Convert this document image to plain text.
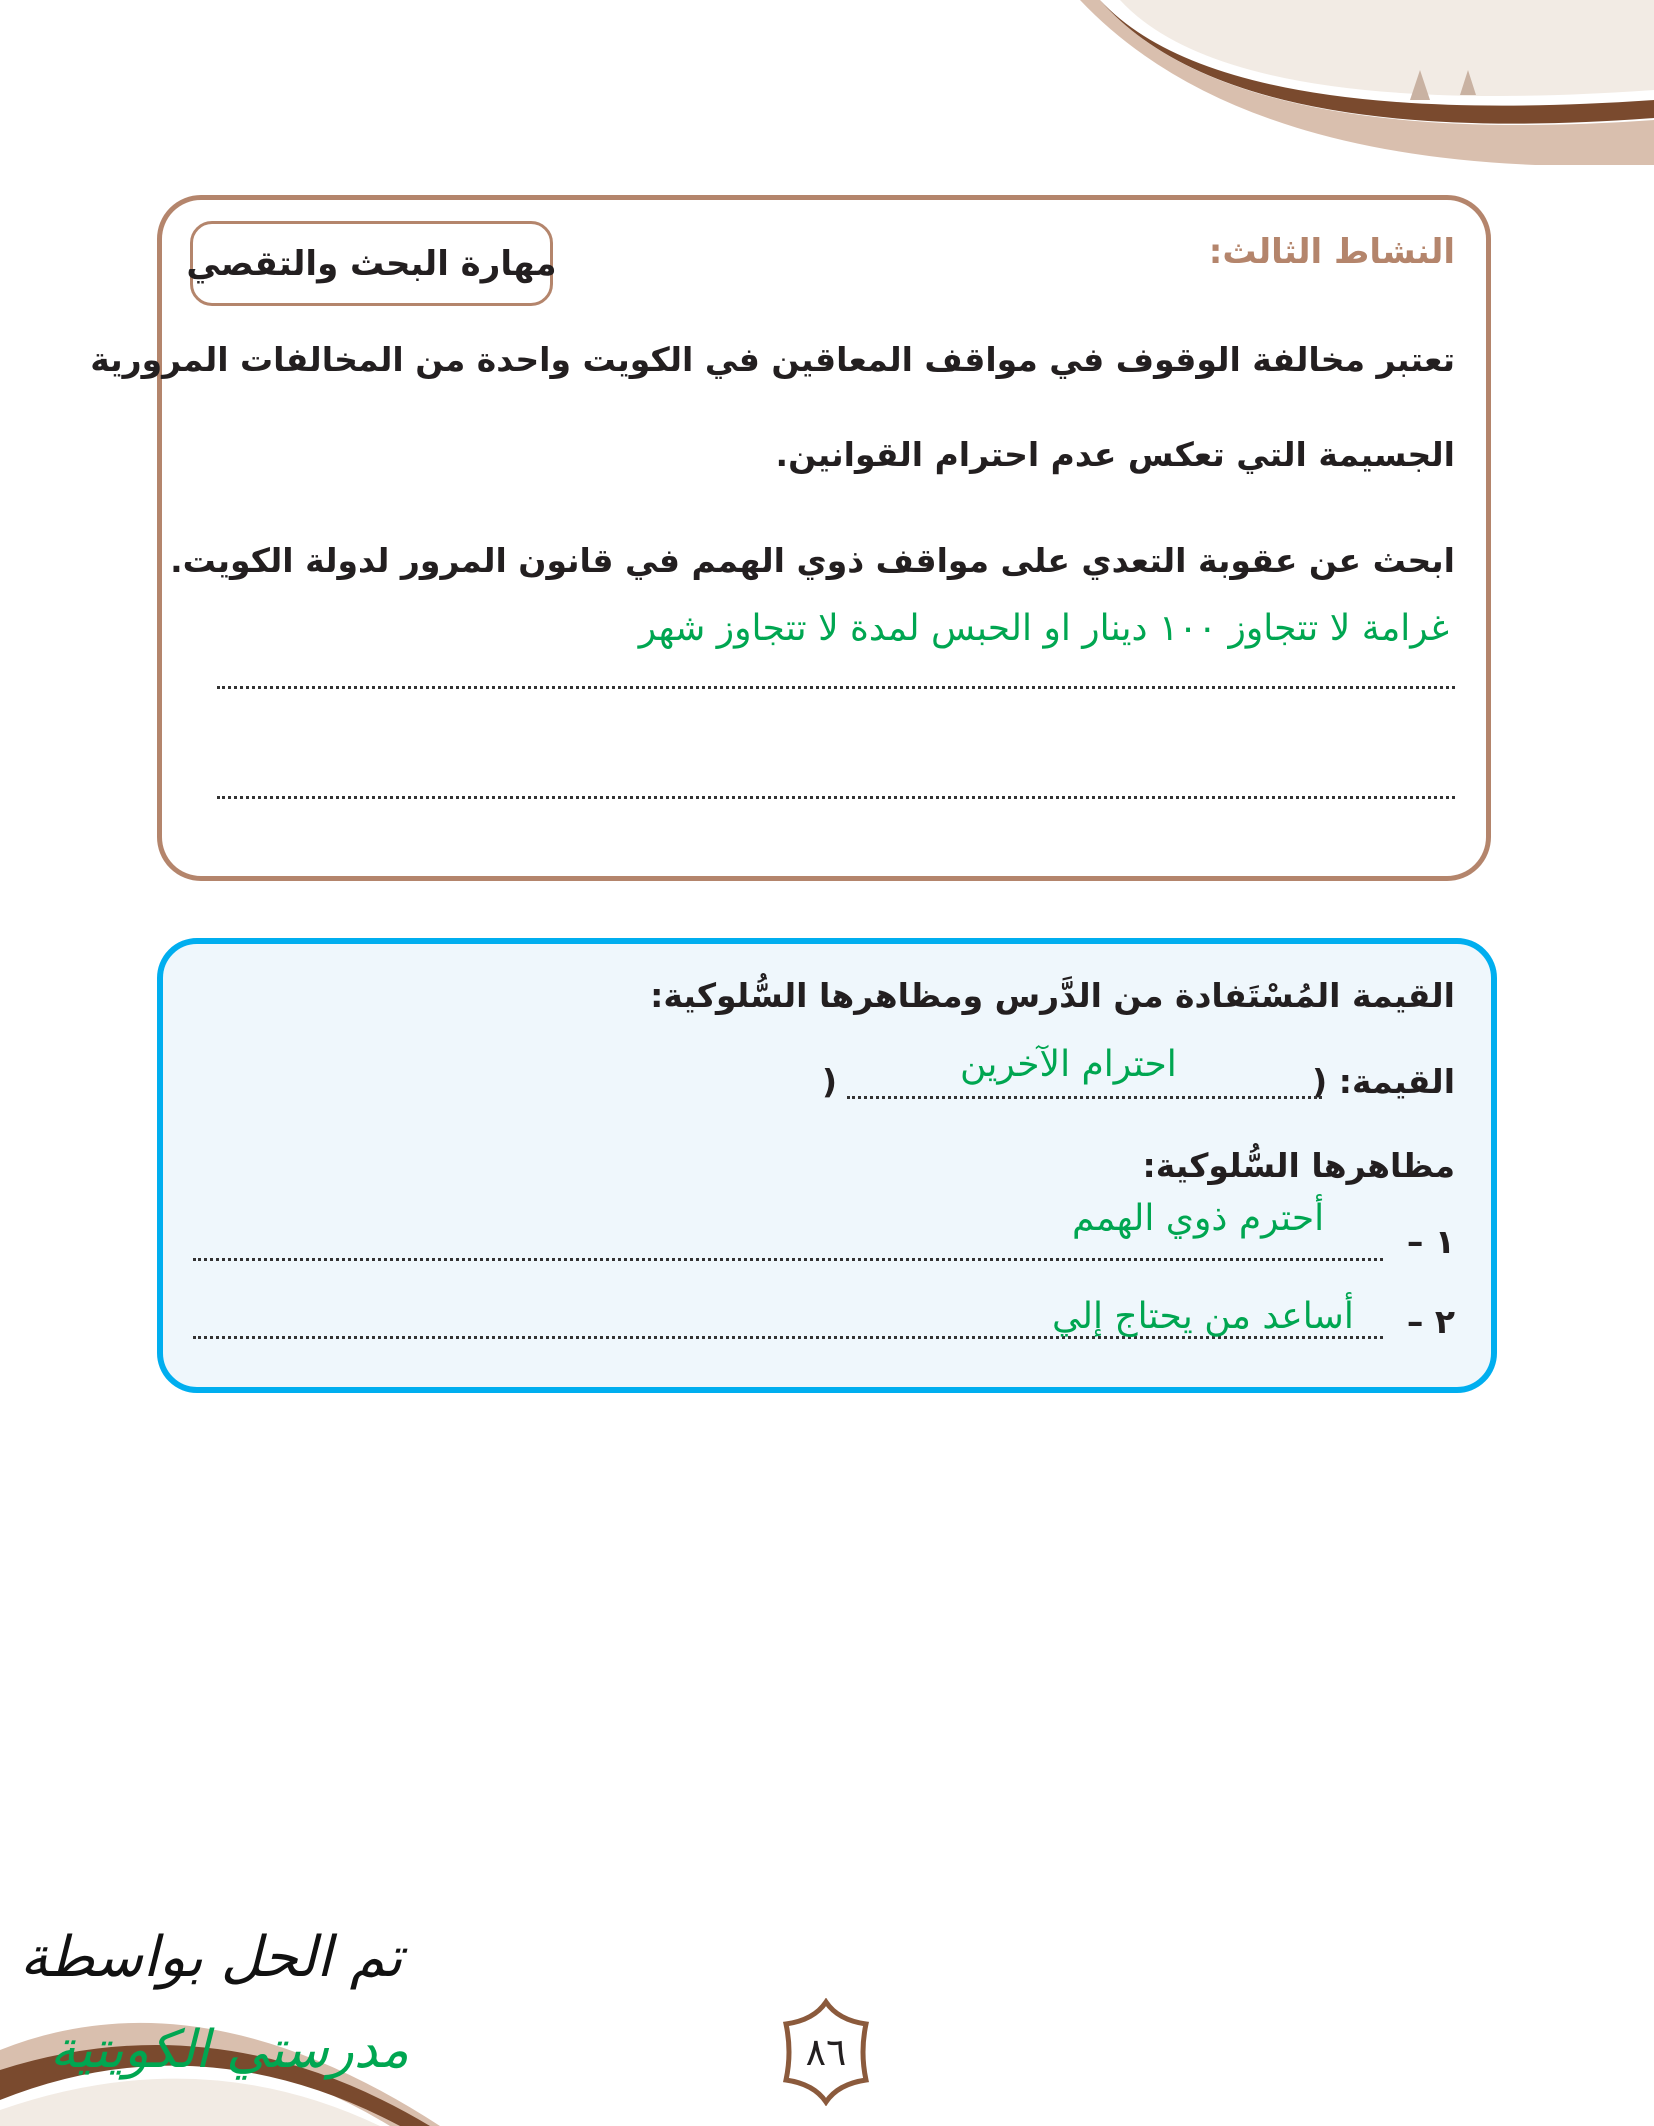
تم الحل بواسطة
مدرستي الكويتية
النشاط الثالث:
مهارة البحث والتقصي
تعتبر مخالفة الوقوف في مواقف المعاقين في الكويت واحدة من المخالفات المرورية
الجسيمة التي تعكس عدم احترام القوانين.
ابحث عن عقوبة التعدي على مواقف ذوي الهمم في قانون المرور لدولة الكويت.
غرامة لا تتجاوز ١٠٠ دينار او الحبس لمدة لا تتجاوز شهر
القيمة المُسْتَفادة من الدَّرس ومظاهرها السُّلوكية:
القيمة: (
)	احترام الآخرين
مظاهرها السُّلوكية:
١ –
أحترم ذوي الهمم
٢ –
أساعد من يحتاج إلي
٨٦
